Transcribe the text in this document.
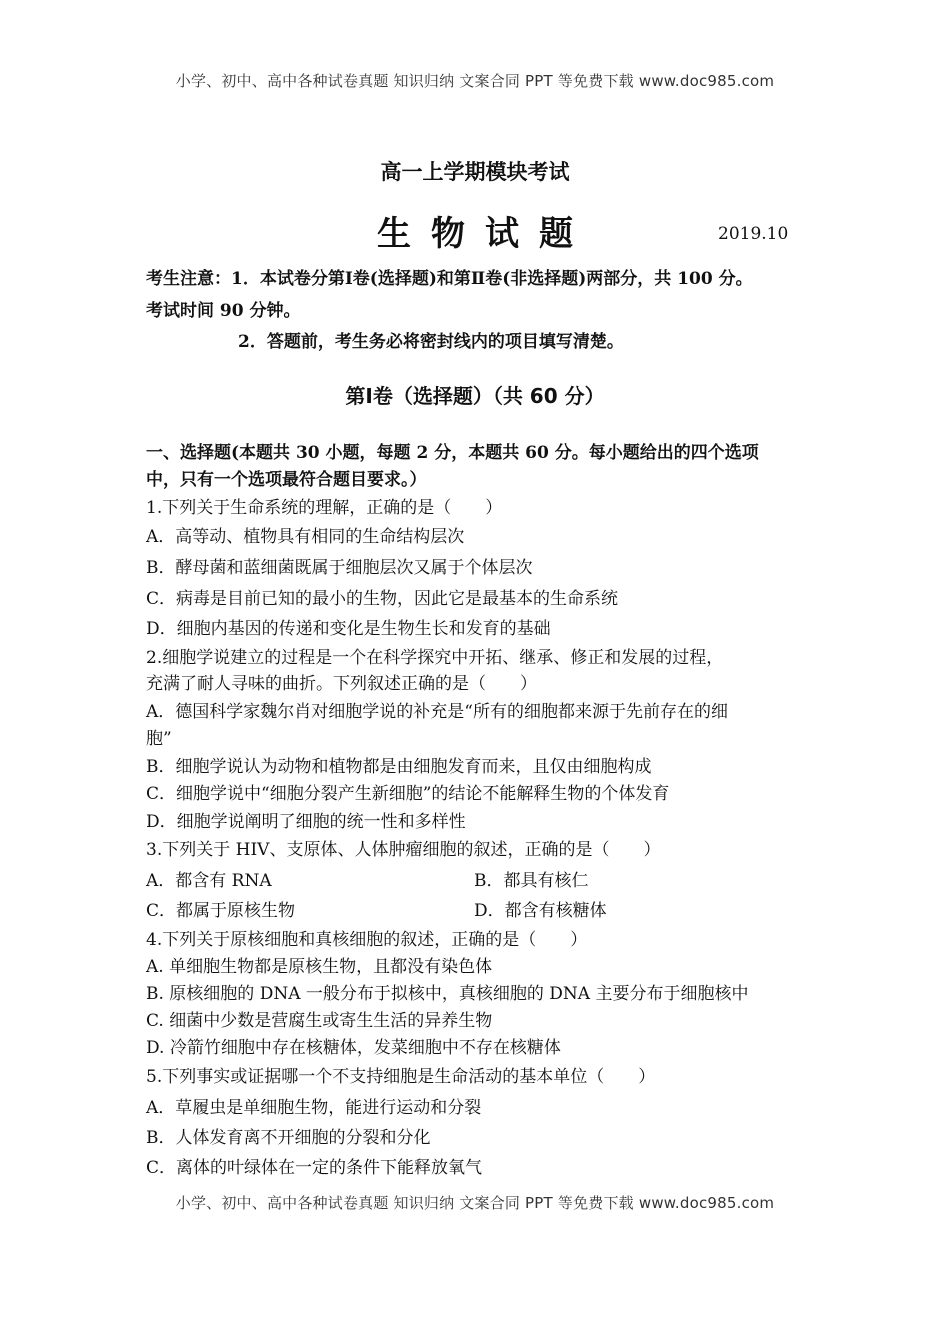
小学、初中、高中各种试卷真题 知识归纳 文案合同 PPT 等免费下载 www.doc985.com
高一上学期模块考试
生物试题	2019.10
考生注意：1．本试卷分第Ⅰ卷(选择题)和第Ⅱ卷(非选择题)两部分，共 100 分。
考试时间 90 分钟。
2．答题前，考生务必将密封线内的项目填写清楚。
第Ⅰ卷（选择题）（共 60 分）
一、选择题(本题共 30 小题，每题 2 分，本题共 60 分。每小题给出的四个选项
中，只有一个选项最符合题目要求。）
1.下列关于生命系统的理解，正确的是（　　）
A．高等动、植物具有相同的生命结构层次
B．酵母菌和蓝细菌既属于细胞层次又属于个体层次
C．病毒是目前已知的最小的生物，因此它是最基本的生命系统
D．细胞内基因的传递和变化是生物生长和发育的基础
2.细胞学说建立的过程是一个在科学探究中开拓、继承、修正和发展的过程，
充满了耐人寻味的曲折。下列叙述正确的是（　　）
A．德国科学家魏尔肖对细胞学说的补充是“所有的细胞都来源于先前存在的细
胞”
B．细胞学说认为动物和植物都是由细胞发育而来，且仅由细胞构成
C．细胞学说中“细胞分裂产生新细胞”的结论不能解释生物的个体发育
D．细胞学说阐明了细胞的统一性和多样性
3.下列关于 HIV、支原体、人体肿瘤细胞的叙述，正确的是（　　）
A．都含有 RNA	B．都具有核仁
C．都属于原核生物	D．都含有核糖体
4.下列关于原核细胞和真核细胞的叙述，正确的是（　　）
A. 单细胞生物都是原核生物，且都没有染色体
B. 原核细胞的 DNA 一般分布于拟核中，真核细胞的 DNA 主要分布于细胞核中
C. 细菌中少数是营腐生或寄生生活的异养生物
D. 冷箭竹细胞中存在核糖体，发菜细胞中不存在核糖体
5.下列事实或证据哪一个不支持细胞是生命活动的基本单位（　　）
A．草履虫是单细胞生物，能进行运动和分裂
B．人体发育离不开细胞的分裂和分化
C．离体的叶绿体在一定的条件下能释放氧气
小学、初中、高中各种试卷真题 知识归纳 文案合同 PPT 等免费下载 www.doc985.com
